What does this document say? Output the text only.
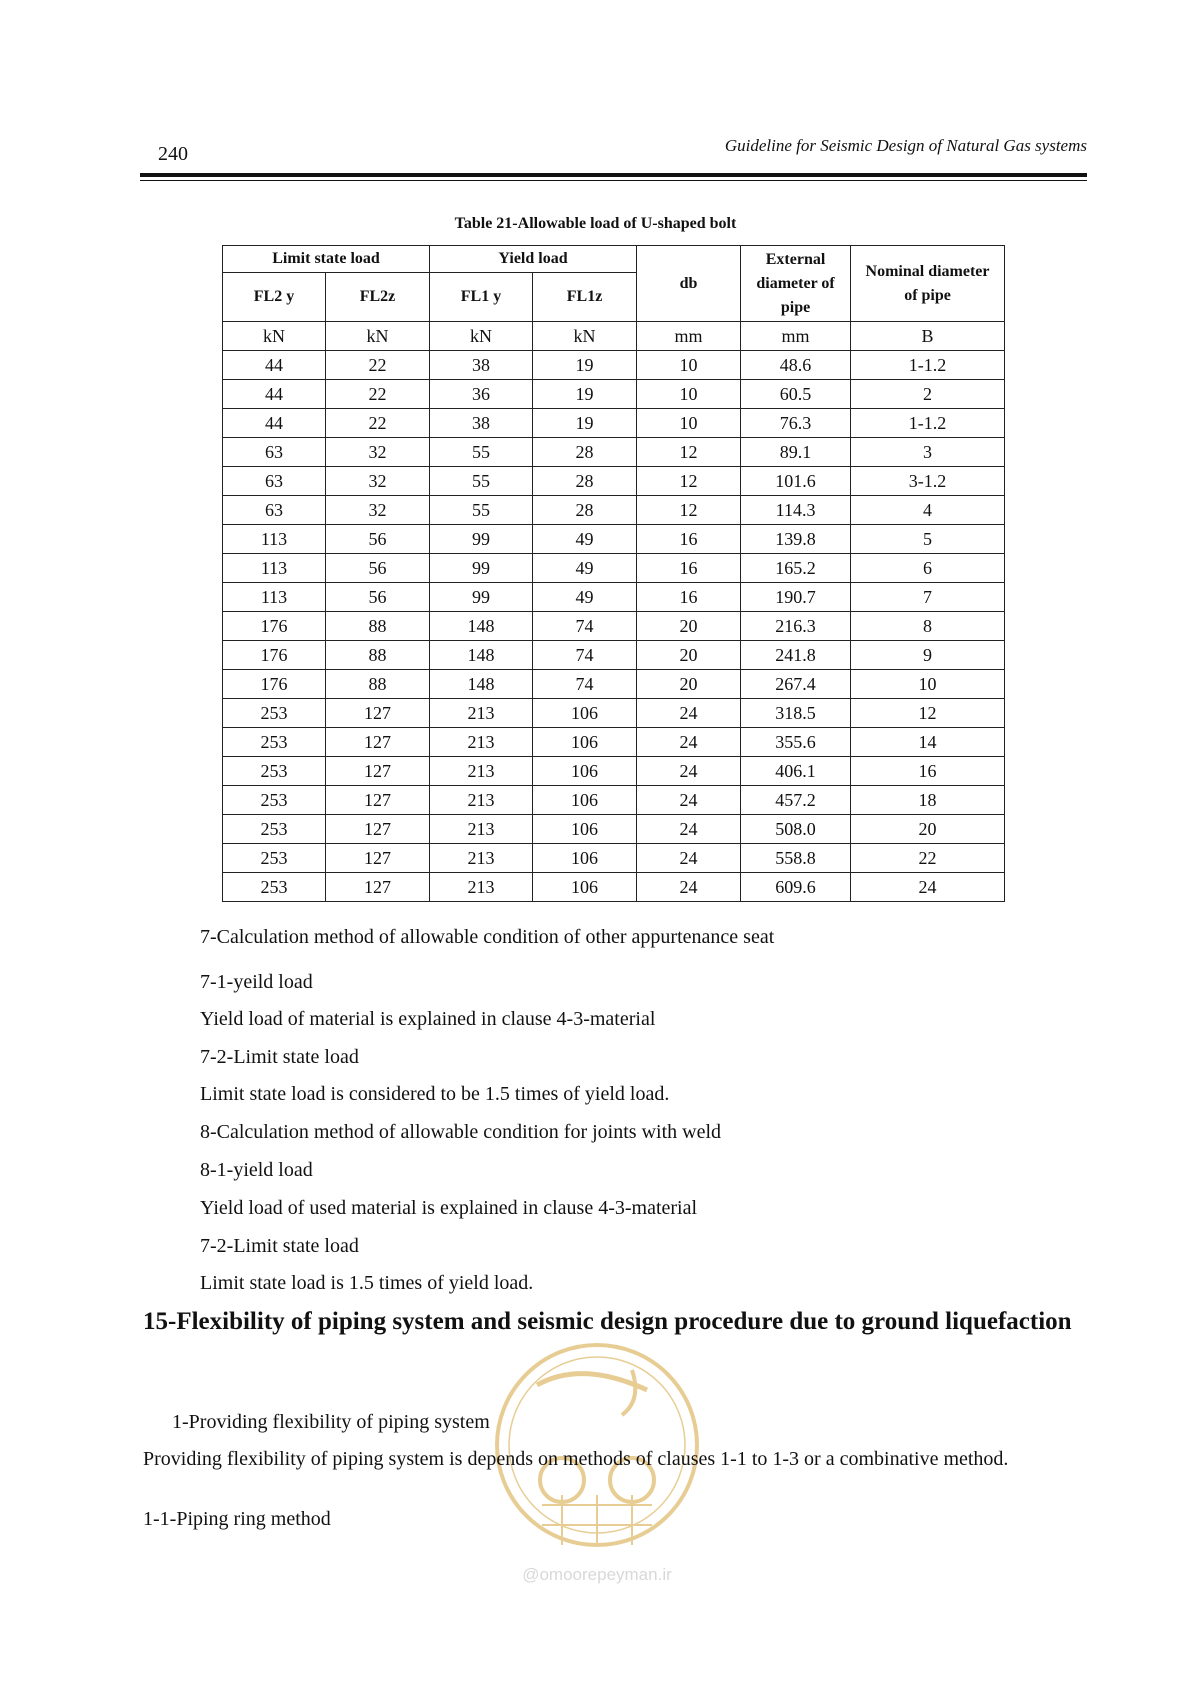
240	Guideline for Seismic Design of Natural Gas systems
Table 21-Allowable load of U-shaped bolt
Limit state load		Yield load		db	External diameter of pipe	Nominal diameter of pipe
FL2 y	FL2z	FL1 y	FL1z			
kN	kN	kN	kN	mm	mm	B
44	22	38	19	10	48.6	1-1.2
44	22	36	19	10	60.5	2
44	22	38	19	10	76.3	1-1.2
63	32	55	28	12	89.1	3
63	32	55	28	12	101.6	3-1.2
63	32	55	28	12	114.3	4
113	56	99	49	16	139.8	5
113	56	99	49	16	165.2	6
113	56	99	49	16	190.7	7
176	88	148	74	20	216.3	8
176	88	148	74	20	241.8	9
176	88	148	74	20	267.4	10
253	127	213	106	24	318.5	12
253	127	213	106	24	355.6	14
253	127	213	106	24	406.1	16
253	127	213	106	24	457.2	18
253	127	213	106	24	508.0	20
253	127	213	106	24	558.8	22
253	127	213	106	24	609.6	24
7-Calculation method of allowable condition of other appurtenance seat
7-1-yeild load
Yield load of material is explained in clause 4-3-material
7-2-Limit state load
Limit state load is considered to be 1.5 times of yield load.
8-Calculation method of allowable condition for joints with weld
8-1-yield load
Yield load of used material is explained in clause 4-3-material
7-2-Limit state load
Limit state load is 1.5 times of yield load.
15-Flexibility of piping system and seismic design procedure due to ground liquefaction
@omoorepeyman.ir
1-Providing flexibility of piping system
Providing flexibility of piping system is depends on methods of clauses 1-1 to 1-3 or a combinative method.
1-1-Piping ring method
